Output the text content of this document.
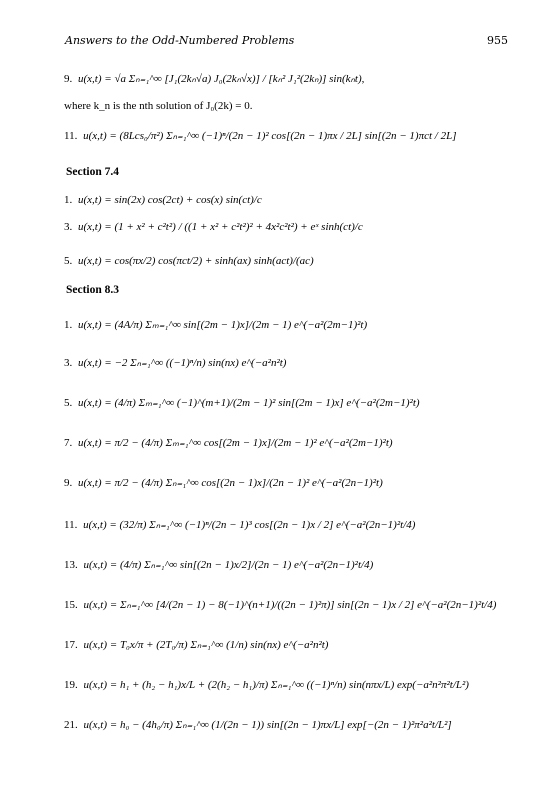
Answers to the Odd-Numbered Problems	955
9. u(x,t) = √a Σₙ₌₁^∞ [J₁(2kₙ√a) J₀(2kₙ√x)] / [kₙ² J₁²(2kₙ)] sin(kₙt),
where k_n is the nth solution of J₀(2k) = 0.
11. u(x,t) = (8Lcs₀/π²) Σₙ₌₁^∞ (−1)ⁿ/(2n − 1)² cos[(2n − 1)πx / 2L] sin[(2n − 1)πct / 2L]
Section 7.4
1. u(x,t) = sin(2x) cos(2ct) + cos(x) sin(ct)/c
3. u(x,t) = (1 + x² + c²t²) / ((1 + x² + c²t²)² + 4x²c²t²) + eˣ sinh(ct)/c
5. u(x,t) = cos(πx/2) cos(πct/2) + sinh(ax) sinh(act)/(ac)
Section 8.3
1. u(x,t) = (4A/π) Σₘ₌₁^∞ sin[(2m − 1)x]/(2m − 1) e^(−a²(2m−1)²t)
3. u(x,t) = −2 Σₙ₌₁^∞ ((−1)ⁿ/n) sin(nx) e^(−a²n²t)
5. u(x,t) = (4/π) Σₘ₌₁^∞ (−1)^(m+1)/(2m − 1)² sin[(2m − 1)x] e^(−a²(2m−1)²t)
7. u(x,t) = π/2 − (4/π) Σₘ₌₁^∞ cos[(2m − 1)x]/(2m − 1)² e^(−a²(2m−1)²t)
9. u(x,t) = π/2 − (4/π) Σₙ₌₁^∞ cos[(2n − 1)x]/(2n − 1)² e^(−a²(2n−1)²t)
11. u(x,t) = (32/π) Σₙ₌₁^∞ (−1)ⁿ/(2n − 1)³ cos[(2n − 1)x / 2] e^(−a²(2n−1)²t/4)
13. u(x,t) = (4/π) Σₙ₌₁^∞ sin[(2n − 1)x/2]/(2n − 1) e^(−a²(2n−1)²t/4)
15. u(x,t) = Σₙ₌₁^∞ [4/(2n − 1) − 8(−1)^(n+1)/((2n − 1)²π)] sin[(2n − 1)x / 2] e^(−a²(2n−1)²t/4)
17. u(x,t) = T₀x/π + (2T₀/π) Σₙ₌₁^∞ (1/n) sin(nx) e^(−a²n²t)
19. u(x,t) = h₁ + (h₂ − h₁)x/L + (2(h₂ − h₁)/π) Σₙ₌₁^∞ ((−1)ⁿ/n) sin(nπx/L) exp(−a²n²π²t/L²)
21. u(x,t) = h₀ − (4h₀/π) Σₙ₌₁^∞ (1/(2n − 1)) sin[(2n − 1)πx/L] exp[−(2n − 1)²π²a²t/L²]
